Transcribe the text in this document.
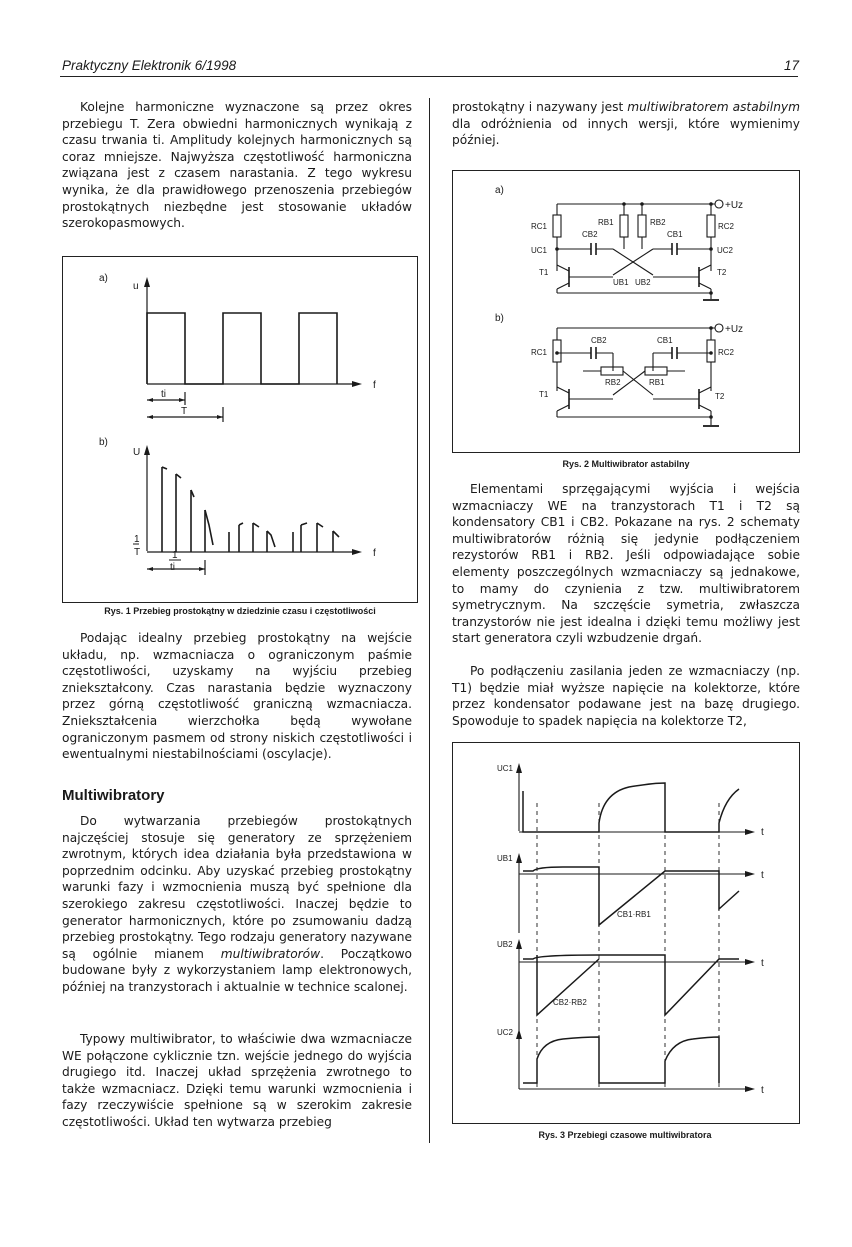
Praktyczny Elektronik 6/1998	17

Kolejne harmoniczne wyznaczone są przez okres przebiegu T. Zera obwiedni harmonicznych wynikają z czasu trwania ti. Amplitudy kolejnych harmonicznych są coraz mniejsze. Najwyższa częstotliwość harmoniczna związana jest z czasem narastania. Z tego wykresu wynika, że dla prawidłowego przenoszenia przebiegów prostokątnych niezbędne jest stosowanie układów szerokopasmowych.

a)
u
f
ti
T
b)
U
f
1
T	1
ti
Rys. 1 Przebieg prostokątny w dziedzinie czasu i częstotliwości

Podając idealny przebieg prostokątny na wejście układu, np. wzmacniacza o ograniczonym paśmie częstotliwości, uzyskamy na wyjściu przebieg zniekształcony. Czas narastania będzie wyznaczony przez górną częstotliwość graniczną wzmacniacza. Zniekształcenia wierzchołka będą wywołane ograniczonym pasmem od strony niskich częstotliwości i ewentualnymi niestabilnościami (oscylacje).

Multiwibratory

Do wytwarzania przebiegów prostokątnych najczęściej stosuje się generatory ze sprzężeniem zwrotnym, których idea działania była przedstawiona w poprzednim odcinku. Aby uzyskać przebieg prostokątny warunki fazy i wzmocnienia muszą być spełnione dla szerokiego zakresu częstotliwości. Inaczej będzie to generator harmonicznych, które po zsumowaniu dadzą przebieg prostokątny. Tego rodzaju generatory nazywane są ogólnie mianem multiwibratorów. Początkowo budowane były z wykorzystaniem lamp elektronowych, później na tranzystorach i aktualnie w technice scalonej.

Typowy multiwibrator, to właściwie dwa wzmacniacze WE połączone cyklicznie tzn. wejście jednego do wyjścia drugiego itd. Inaczej układ sprzężenia zwrotnego to także wzmacniacz. Dzięki temu warunki wzmocnienia i fazy rzeczywiście spełnione są w szerokim zakresie częstotliwości. Układ ten wytwarza przebieg

prostokątny i nazywany jest multiwibratorem astabilnym dla odróżnienia od innych wersji, które wymienimy później.

a)
+Uz
RC1	RB1	RB2	RC2
CB2	CB1
UC1	UC2
T1	T2
UB1 UB2
b)
+Uz
CB2	CB1
RC1	RC2
RB2	RB1
T1	T2
Rys. 2 Multiwibrator astabilny

Elementami sprzęgającymi wyjścia i wejścia wzmacniaczy WE na tranzystorach T1 i T2 są kondensatory CB1 i CB2. Pokazane na rys. 2 schematy multiwibratorów różnią się jedynie podłączeniem rezystorów RB1 i RB2. Jeśli odpowiadające sobie elementy poszczególnych wzmacniaczy są jednakowe, to mamy do czynienia z tzw. multiwibratorem symetrycznym. Na szczęście symetria, zwłaszcza tranzystorów nie jest idealna i dzięki temu możliwy jest start generatora czyli wzbudzenie drgań.

Po podłączeniu zasilania jeden ze wzmacniaczy (np. T1) będzie miał wyższe napięcie na kolektorze, które przez kondensator podawane jest na bazę drugiego. Spowoduje to spadek napięcia na kolektorze T2,

UC1
t
UB1
t
CB1·RB1
UB2
t
CB2·RB2
UC2
t
Rys. 3 Przebiegi czasowe multiwibratora
